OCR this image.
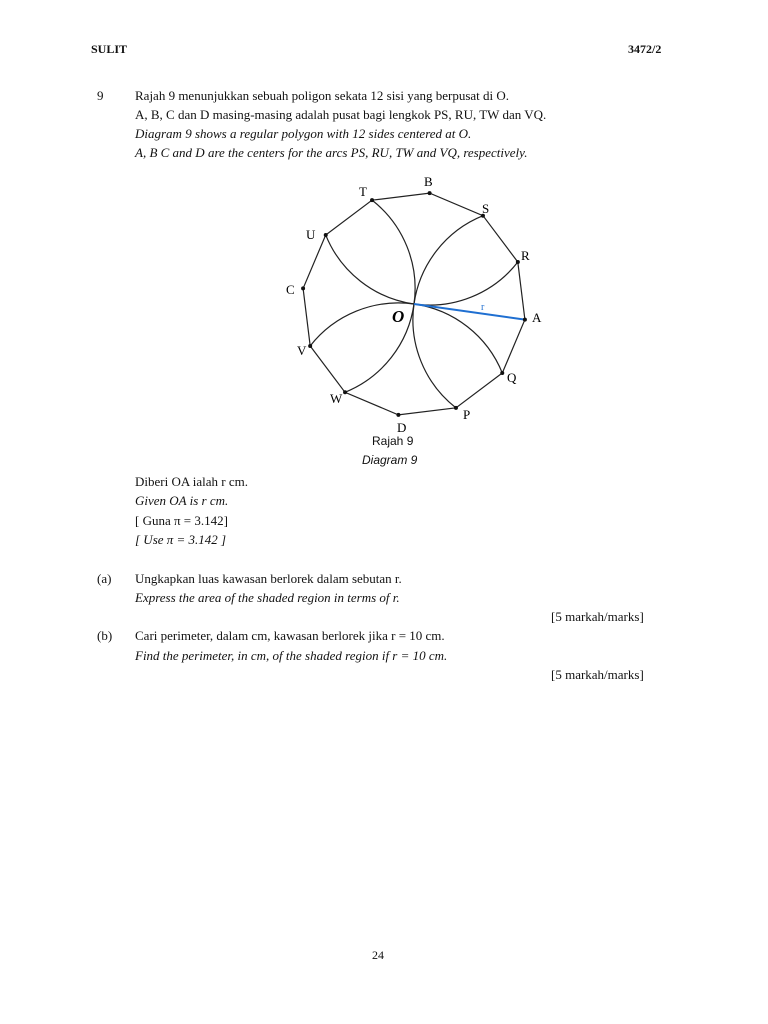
SULIT	3472/2
9 Rajah 9 menunjukkan sebuah poligon sekata 12 sisi yang berpusat di O.
A, B, C dan D masing-masing adalah pusat bagi lengkok PS, RU, TW dan VQ.
Diagram 9 shows a regular polygon with 12 sides centered at O.
A, B C and D are the centers for the arcs PS, RU, TW and VQ, respectively.
T
B
S
U
R
C
A
O	r
V
Q
W
P
D
Rajah 9
Diagram 9
Diberi OA ialah r cm.
Given OA is r cm.
[ Guna π = 3.142]
[ Use π = 3.142 ]
(a) Ungkapkan luas kawasan berlorek dalam sebutan r.
Express the area of the shaded region in terms of r.
[5 markah/marks]
(b) Cari perimeter, dalam cm, kawasan berlorek jika r = 10 cm.
Find the perimeter, in cm, of the shaded region if r = 10 cm.
[5 markah/marks]
24
